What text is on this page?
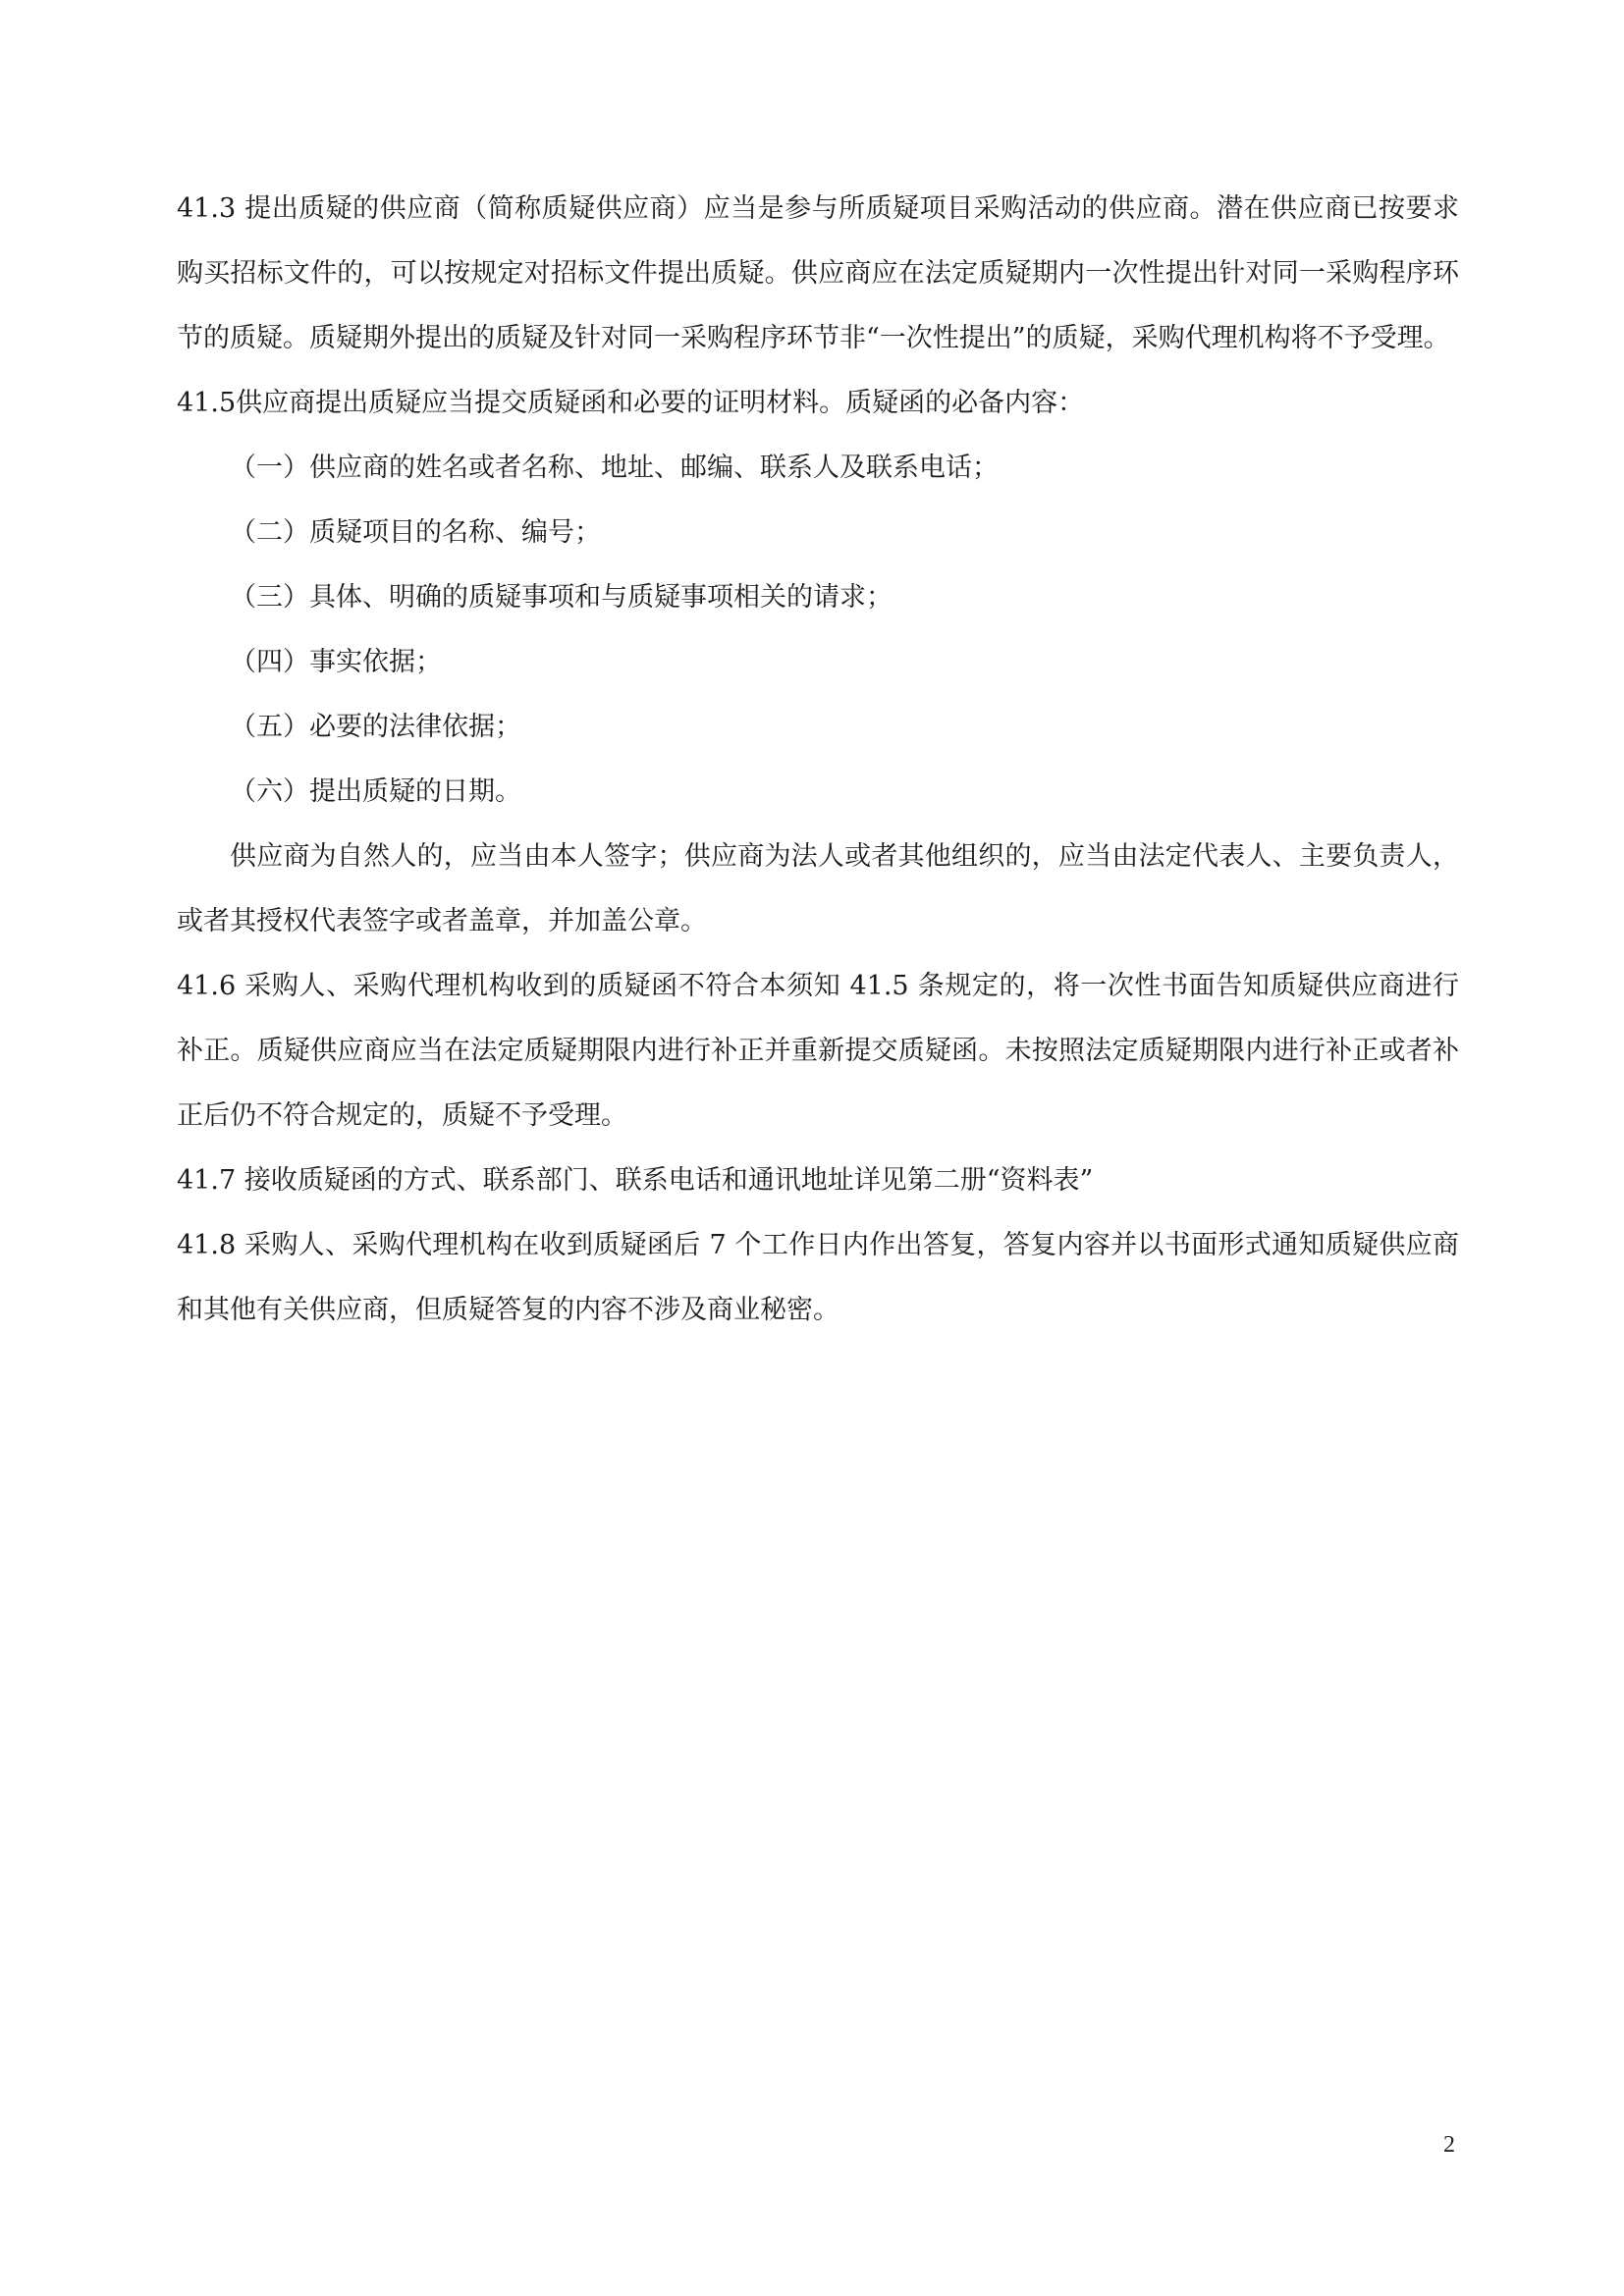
41.3 提出质疑的供应商（简称质疑供应商）应当是参与所质疑项目采购活动的供应商。潜在供应商已按要求购买招标文件的，可以按规定对招标文件提出质疑。供应商应在法定质疑期内一次性提出针对同一采购程序环节的质疑。质疑期外提出的质疑及针对同一采购程序环节非“一次性提出”的质疑，采购代理机构将不予受理。

41.5供应商提出质疑应当提交质疑函和必要的证明材料。质疑函的必备内容：

（一）供应商的姓名或者名称、地址、邮编、联系人及联系电话；

（二）质疑项目的名称、编号；

（三）具体、明确的质疑事项和与质疑事项相关的请求；

（四）事实依据；

（五）必要的法律依据；

（六）提出质疑的日期。

供应商为自然人的，应当由本人签字；供应商为法人或者其他组织的，应当由法定代表人、主要负责人，或者其授权代表签字或者盖章，并加盖公章。

41.6 采购人、采购代理机构收到的质疑函不符合本须知 41.5 条规定的，将一次性书面告知质疑供应商进行补正。质疑供应商应当在法定质疑期限内进行补正并重新提交质疑函。未按照法定质疑期限内进行补正或者补正后仍不符合规定的，质疑不予受理。

41.7 接收质疑函的方式、联系部门、联系电话和通讯地址详见第二册“资料表”

41.8 采购人、采购代理机构在收到质疑函后 7 个工作日内作出答复，答复内容并以书面形式通知质疑供应商和其他有关供应商，但质疑答复的内容不涉及商业秘密。

2
